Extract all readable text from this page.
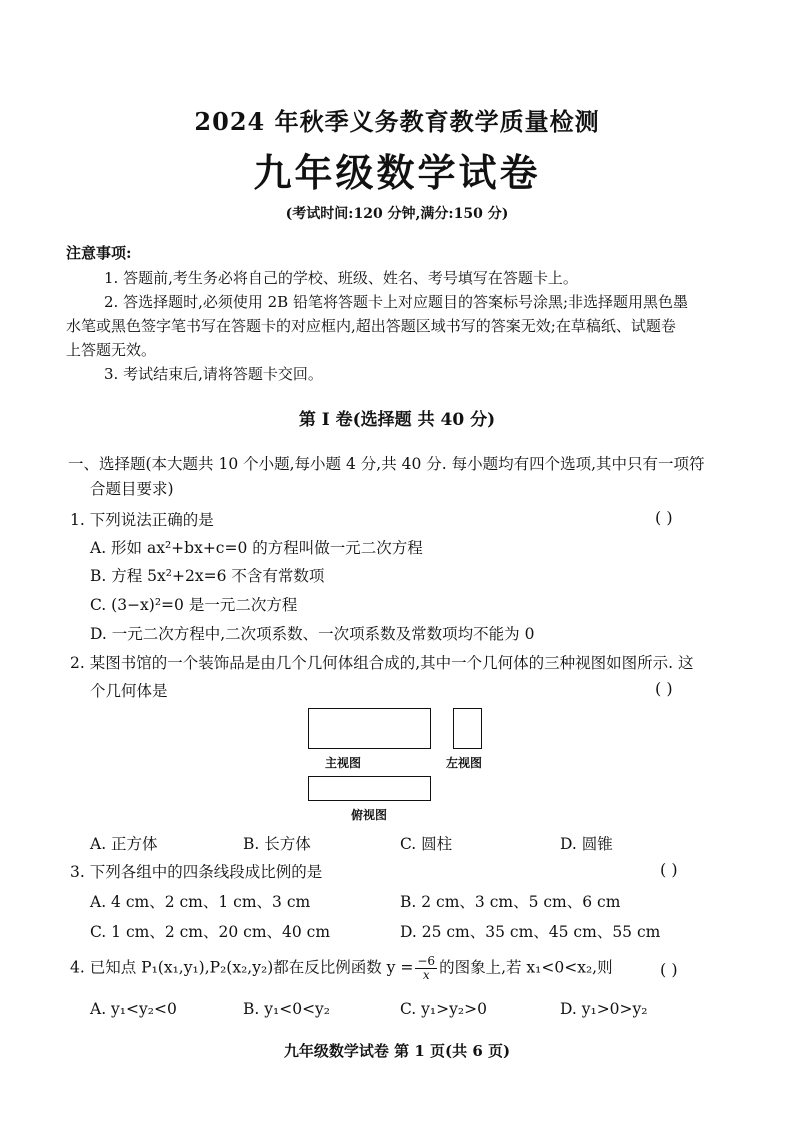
2024 年秋季义务教育教学质量检测
九年级数学试卷
(考试时间:120 分钟,满分:150 分)
注意事项:
1. 答题前,考生务必将自己的学校、班级、姓名、考号填写在答题卡上。
2. 答选择题时,必须使用 2B 铅笔将答题卡上对应题目的答案标号涂黑;非选择题用黑色墨
水笔或黑色签字笔书写在答题卡的对应框内,超出答题区域书写的答案无效;在草稿纸、试题卷
上答题无效。
3. 考试结束后,请将答题卡交回。
第 I 卷(选择题 共 40 分)
一、选择题(本大题共 10 个小题,每小题 4 分,共 40 分. 每小题均有四个选项,其中只有一项符
合题目要求)
1. 下列说法正确的是	( )
A. 形如 ax²+bx+c=0 的方程叫做一元二次方程
B. 方程 5x²+2x=6 不含有常数项
C. (3−x)²=0 是一元二次方程
D. 一元二次方程中,二次项系数、一次项系数及常数项均不能为 0
2. 某图书馆的一个装饰品是由几个几何体组合成的,其中一个几何体的三种视图如图所示. 这
个几何体是	( )
主视图	左视图
俯视图
A. 正方体	B. 长方体	C. 圆柱	D. 圆锥
3. 下列各组中的四条线段成比例的是	( )
A. 4 cm、2 cm、1 cm、3 cm	B. 2 cm、3 cm、5 cm、6 cm
C. 1 cm、2 cm、20 cm、40 cm	D. 25 cm、35 cm、45 cm、55 cm
4. 已知点 P₁(x₁,y₁),P₂(x₂,y₂)都在反比例函数 $y = \frac{-6}{x}$ 的图象上,若 x₁<0<x₂,则	( )
A. y₁<y₂<0	B. y₁<0<y₂	C. y₁>y₂>0	D. y₁>0>y₂
九年级数学试卷 第 1 页(共 6 页)
